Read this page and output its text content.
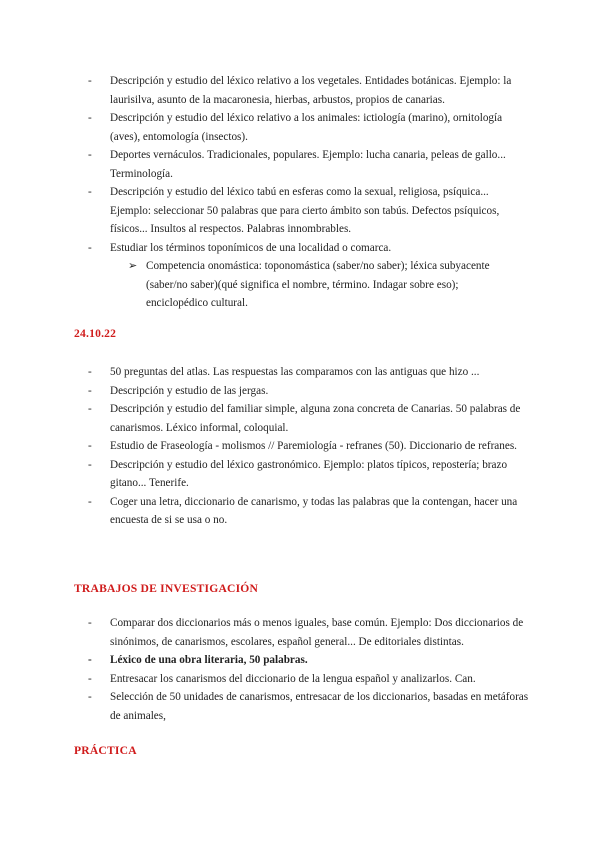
- Descripción y estudio del léxico relativo a los vegetales. Entidades botánicas. Ejemplo: la laurisilva, asunto de la macaronesia, hierbas, arbustos, propios de canarias.
- Descripción y estudio del léxico relativo a los animales: ictiología (marino), ornitología (aves), entomología (insectos).
- Deportes vernáculos. Tradicionales, populares. Ejemplo: lucha canaria, peleas de gallo... Terminología.
- Descripción y estudio del léxico tabú en esferas como la sexual, religiosa, psíquica... Ejemplo: seleccionar 50 palabras que para cierto ámbito son tabús. Defectos psíquicos, físicos... Insultos al respectos. Palabras innombrables.
- Estudiar los términos toponímicos de una localidad o comarca.
➢ Competencia onomástica: toponomástica (saber/no saber); léxica subyacente (saber/no saber)(qué significa el nombre, término. Indagar sobre eso); enciclopédico cultural.
24.10.22
- 50 preguntas del atlas. Las respuestas las comparamos con las antiguas que hizo ...
- Descripción y estudio de las jergas.
- Descripción y estudio del familiar simple, alguna zona concreta de Canarias. 50 palabras de canarismos. Léxico informal, coloquial.
- Estudio de Fraseología - molismos // Paremiología - refranes (50). Diccionario de refranes.
- Descripción y estudio del léxico gastronómico. Ejemplo: platos típicos, repostería; brazo gitano... Tenerife.
- Coger una letra, diccionario de canarismo, y todas las palabras que la contengan, hacer una encuesta de si se usa o no.
TRABAJOS DE INVESTIGACIÓN
- Comparar dos diccionarios más o menos iguales, base común. Ejemplo: Dos diccionarios de sinónimos, de canarismos, escolares, español general... De editoriales distintas.
- Léxico de una obra literaria, 50 palabras.
- Entresacar los canarismos del diccionario de la lengua español y analizarlos. Can.
- Selección de 50 unidades de canarismos, entresacar de los diccionarios, basadas en metáforas de animales,
PRÁCTICA
